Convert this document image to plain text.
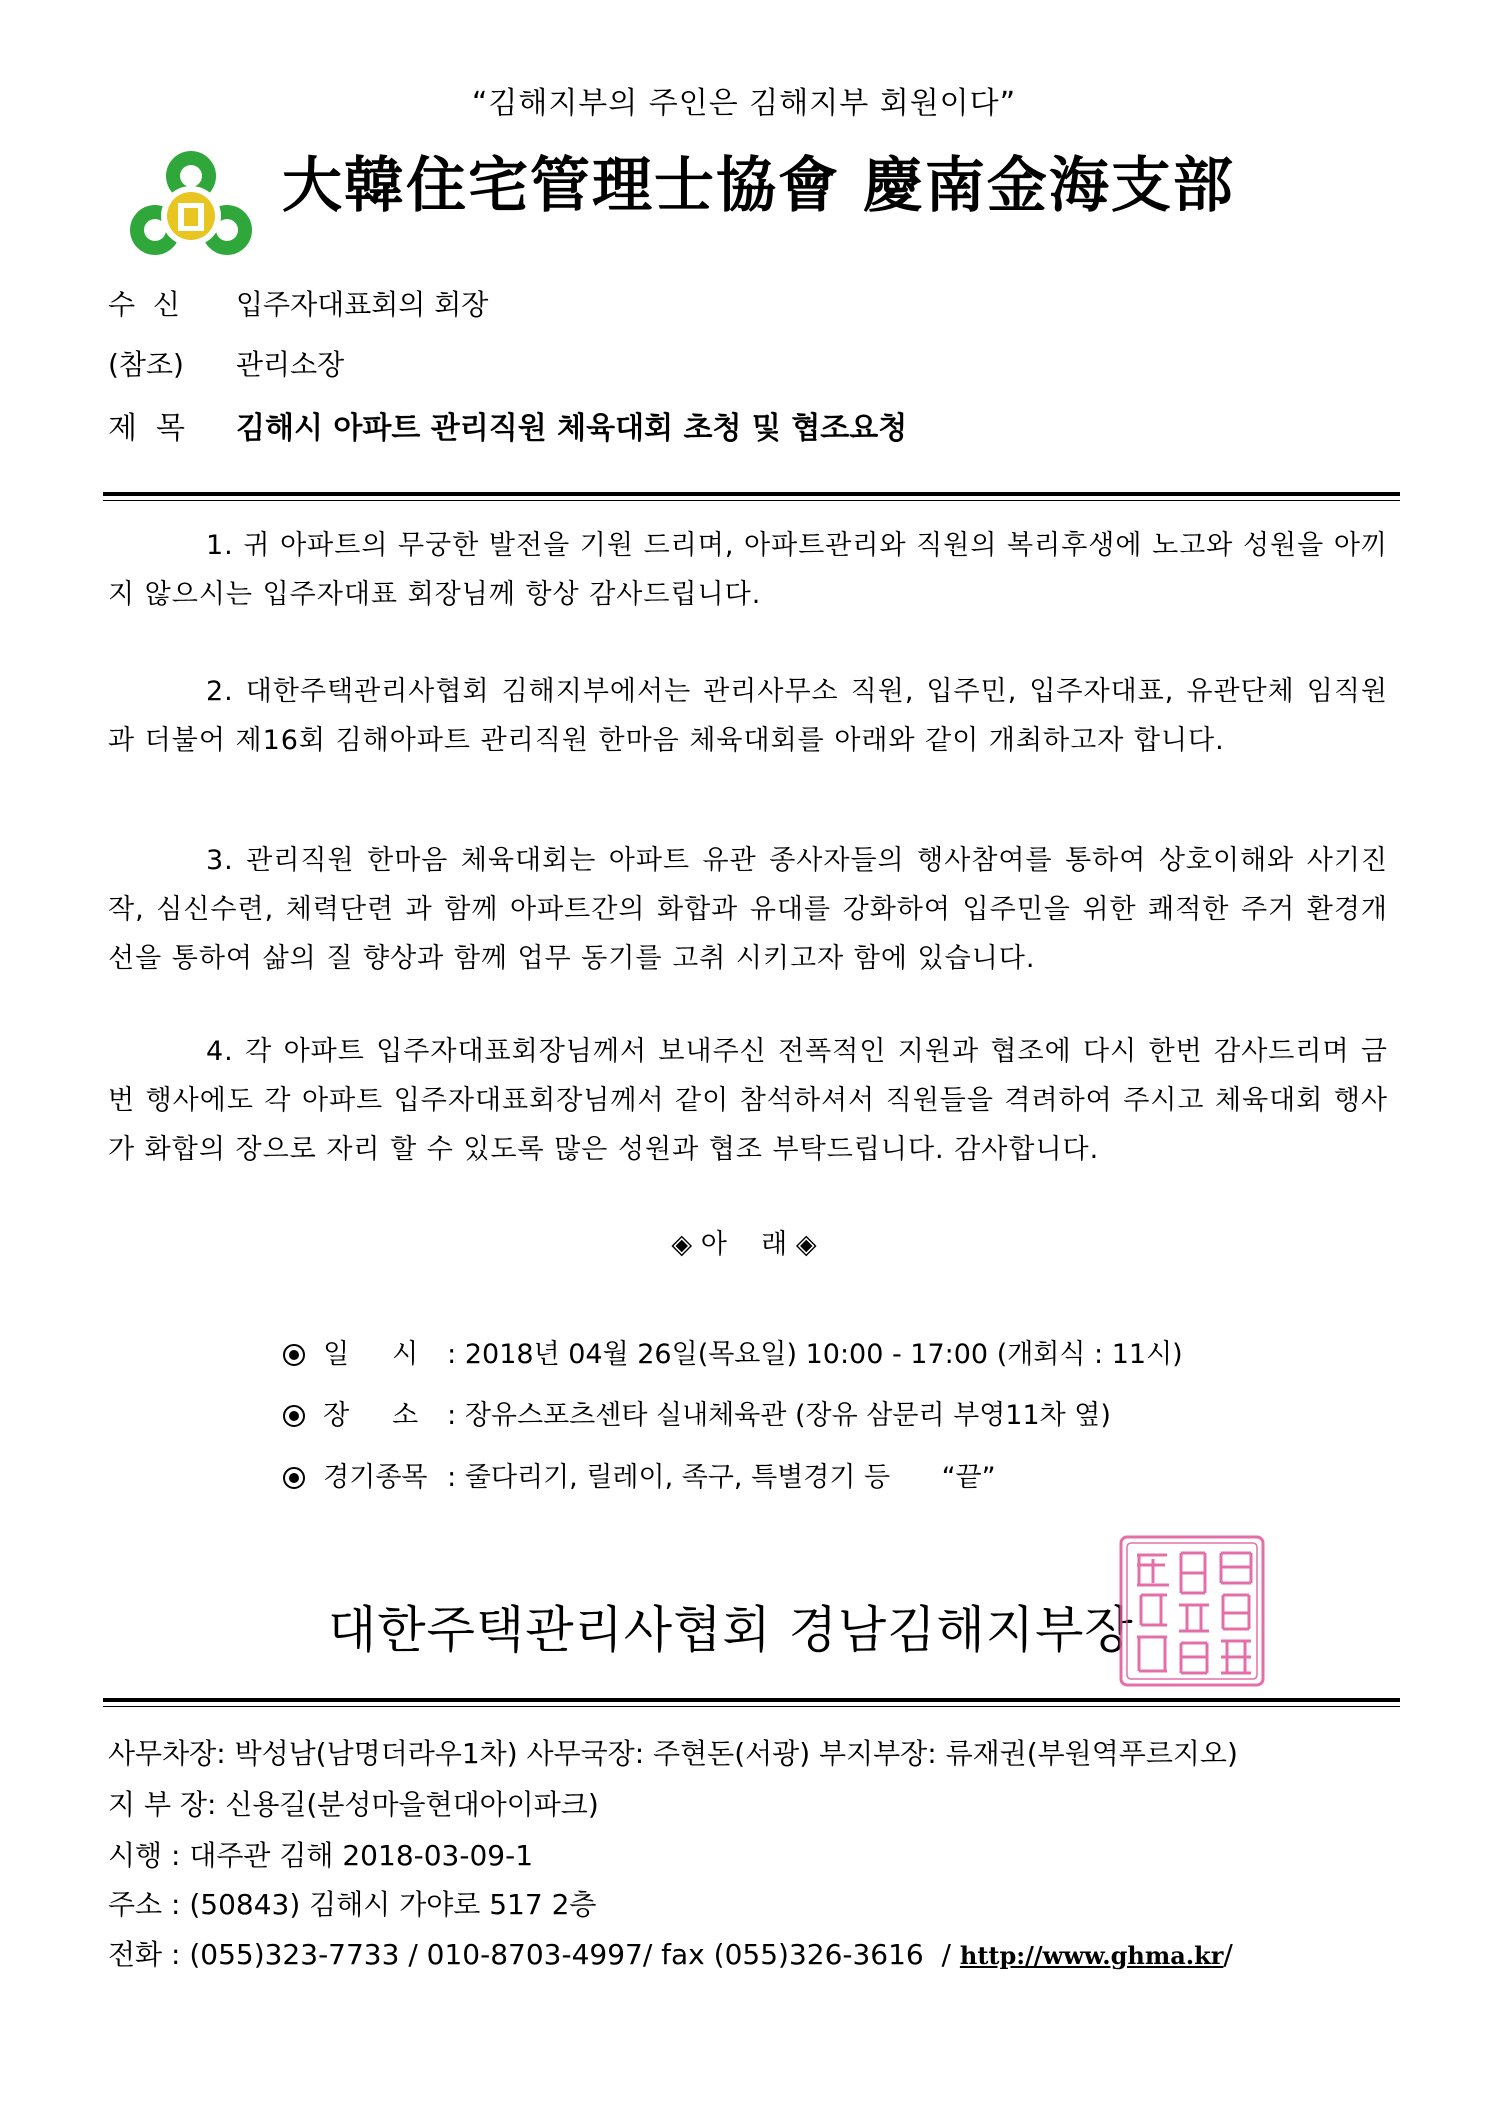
“김해지부의 주인은 김해지부 회원이다”
大韓住宅管理士協會 慶南金海支部
수  신 입주자대표회의 회장
(참조) 관리소장
제  목 김해시 아파트 관리직원 체육대회 초청 및 협조요청

1. 귀 아파트의 무궁한 발전을 기원 드리며, 아파트관리와 직원의 복리후생에 노고와 성원을 아끼지 않으시는 입주자대표 회장님께 항상 감사드립니다.

2. 대한주택관리사협회 김해지부에서는 관리사무소 직원, 입주민, 입주자대표, 유관단체 임직원과 더불어 제16회 김해아파트 관리직원 한마음 체육대회를 아래와 같이 개최하고자 합니다.

3. 관리직원 한마음 체육대회는 아파트 유관 종사자들의 행사참여를 통하여 상호이해와 사기진작, 심신수련, 체력단련 과 함께 아파트간의 화합과 유대를 강화하여 입주민을 위한 쾌적한 주거 환경개선을 통하여 삶의 질 향상과 함께 업무 동기를 고취 시키고자 함에 있습니다.

4. 각 아파트 입주자대표회장님께서 보내주신 전폭적인 지원과 협조에 다시 한번 감사드리며 금 번 행사에도 각 아파트 입주자대표회장님께서 같이 참석하셔서 직원들을 격려하여 주시고 체육대회 행사가 화합의 장으로 자리 할 수 있도록 많은 성원과 협조 부탁드립니다. 감사합니다.

◈ 아    래 ◈

일     시 : 2018년 04월 26일(목요일) 10:00 - 17:00 (개회식 : 11시)

장     소 : 장유스포츠센타 실내체육관 (장유 삼문리 부영11차 옆)

경기종목 : 줄다리기, 릴레이, 족구, 특별경기 등      “끝”

대한주택관리사협회 경남김해지부장
사무차장: 박성남(남명더라우1차) 사무국장: 주현돈(서광) 부지부장: 류재권(부원역푸르지오)
지 부 장: 신용길(분성마을현대아이파크)
시행 : 대주관 김해 2018-03-09-1
주소 : (50843) 김해시 가야로 517 2층
전화 : (055)323-7733 / 010-8703-4997/ fax (055)326-3616  / http://www.ghma.kr/
